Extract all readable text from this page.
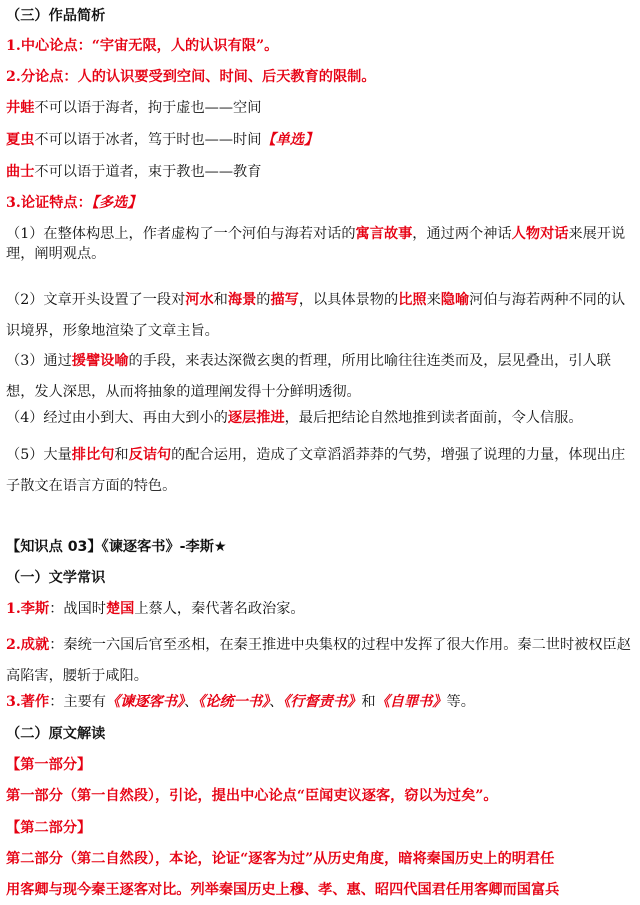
（三）作品简析
1.中心论点：“宇宙无限，人的认识有限”。
2.分论点：人的认识要受到空间、时间、后天教育的限制。
井蛙不可以语于海者，拘于虚也——空间
夏虫不可以语于冰者，笃于时也——时间【单选】
曲士不可以语于道者，束于教也——教育
3.论证特点：【多选】
（1）在整体构思上，作者虚构了一个河伯与海若对话的寓言故事，通过两个神话人物对话来展开说理，阐明观点。
（2）文章开头设置了一段对河水和海景的描写，以具体景物的比照来隐喻河伯与海若两种不同的认识境界，形象地渲染了文章主旨。
（3）通过援譬设喻的手段，来表达深微玄奥的哲理，所用比喻往往连类而及，层见叠出，引人联想，发人深思，从而将抽象的道理阐发得十分鲜明透彻。
（4）经过由小到大、再由大到小的逐层推进，最后把结论自然地推到读者面前，令人信服。
（5）大量排比句和反诘句的配合运用，造成了文章滔滔莽莽的气势，增强了说理的力量，体现出庄子散文在语言方面的特色。
【知识点 03】《谏逐客书》-李斯★
（一）文学常识
1.李斯：战国时楚国上蔡人，秦代著名政治家。
2.成就：秦统一六国后官至丞相，在秦王推进中央集权的过程中发挥了很大作用。秦二世时被权臣赵高陷害，腰斩于咸阳。
3.著作：主要有《谏逐客书》、《论统一书》、《行督责书》和《自罪书》等。
（二）原文解读
【第一部分】
第一部分（第一自然段），引论，提出中心论点“臣闻吏议逐客，窃以为过矣”。
【第二部分】
第二部分（第二自然段），本论，论证“逐客为过”从历史角度，暗将秦国历史上的明君任
用客卿与现今秦王逐客对比。列举秦国历史上穆、孝、惠、昭四代国君任用客卿而国富兵
